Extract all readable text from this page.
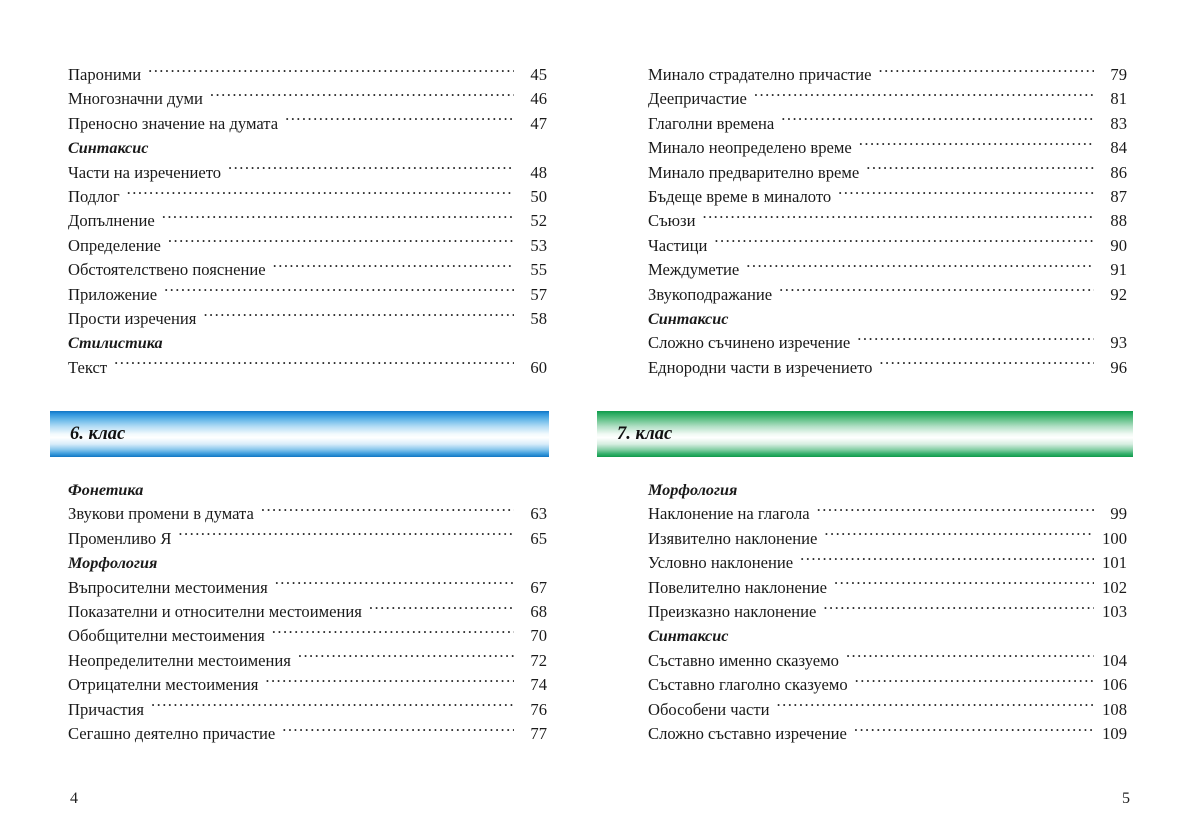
Пароними .....	45
Многозначни думи .....	46
Преносно значение на думата .....	47
Синтаксис
Части на изречението .....	48
Подлог .....	50
Допълнение .....	52
Определение .....	53
Обстоятелствено пояснение .....	55
Приложение .....	57
Прости изречения .....	58
Стилистика
Текст .....	60
Фонетика
Звукови промени в думата .....	63
Променливо Я .....	65
Морфология
Въпросителни местоимения .....	67
Показателни и относителни местоимения .....	68
Обобщителни местоимения .....	70
Неопределителни местоимения .....	72
Отрицателни местоимения .....	74
Причастия .....	76
Сегашно деятелно причастие .....	77
6. клас
4
Минало страдателно причастие .....	79
Деепричастие .....	81
Глаголни времена .....	83
Минало неопределено време .....	84
Минало предварително време .....	86
Бъдеще време в миналото .....	87
Съюзи .....	88
Частици .....	90
Междуметие .....	91
Звукоподражание .....	92
Синтаксис
Сложно съчинено изречение .....	93
Еднородни части в изречението .....	96
Морфология
Наклонение на глагола .....	99
Изявително наклонение .....	100
Условно наклонение .....	101
Повелително наклонение .....	102
Преизказно наклонение .....	103
Синтаксис
Съставно именно сказуемо .....	104
Съставно глаголно сказуемо .....	106
Обособени части .....	108
Сложно съставно изречение .....	109
7. клас
5
